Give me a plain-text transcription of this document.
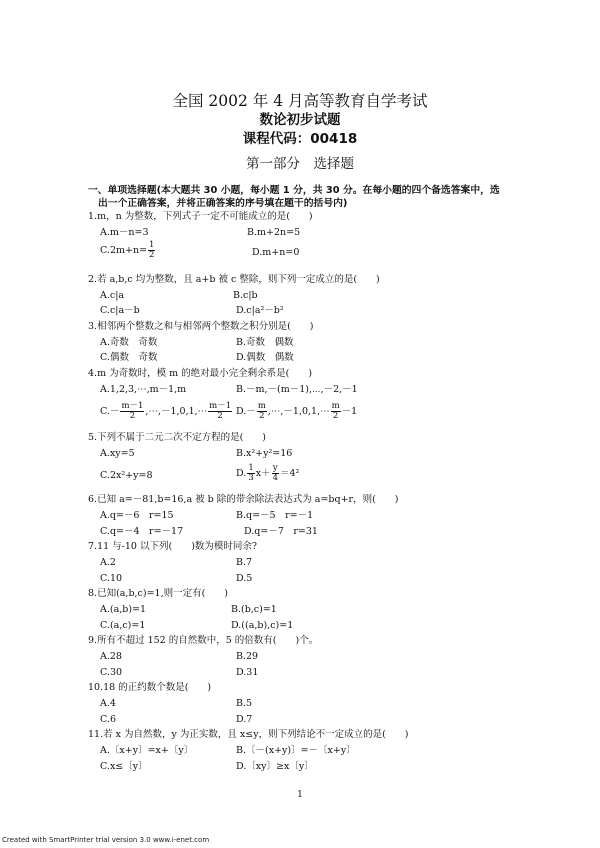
全国 2002 年 4 月高等教育自学考试
数论初步试题
课程代码：00418
第一部分　选择题
一、单项选择题(本大题共 30 小题，每小题 1 分，共 30 分。在每小题的四个备选答案中，选
出一个正确答案，并将正确答案的序号填在题干的括号内)
1.m，n 为整数，下列式子一定不可能成立的是(　　)
A.m－n=3	B.m+2n=5
$C.2m+n= \frac{1}{2}$	D.m+n=0
2.若 a,b,c 均为整数，且 a+b 被 c 整除，则下列一定成立的是(　　)
A.c|a	B.c|b
C.c|a－b	D.c|a²－b²
3.相邻两个整数之和与相邻两个整数之积分别是(　　)
A.奇数　奇数	B.奇数　偶数
C.偶数　奇数	D.偶数　偶数
4.m 为奇数时，模 m 的绝对最小完全剩余系是(　　)
A.1,2,3,⋯,m－1,m	B.－m,－(m－1),⋯,－2,－1
$C.- \frac{m-1}{2}$ ,⋯,－1,0,1,⋯ $\frac{m-1}{2} D.- \frac{m}{2}$ ,⋯,－1,0,1,⋯ $\frac{m}{2} -1$
5.下列不属于二元二次不定方程的是(　　)
A.xy=5	B.x²+y²=16
C.2x²+y=8	D. $\frac{1}{3} x+ \frac{y}{4} =4^2$
6.已知 a=－81,b=16,a 被 b 除的带余除法表达式为 a=bq+r，则(　　)
A.q=－6　r=15	B.q=－5　r=－1
C.q=－4　r=－17	D.q=－7　r=31
7.11 与-10 以下列(　　)数为模时同余?
A.2	B.7
C.10	D.5
8.已知(a,b,c)=1,则一定有(　　)
A.(a,b)=1	B.(b,c)=1
C.(a,c)=1	D.((a,b),c)=1
9.所有不超过 152 的自然数中，5 的倍数有(　　)个。
A.28	B.29
C.30	D.31
10.18 的正约数个数是(　　)
A.4	B.5
C.6	D.7
11.若 x 为自然数，y 为正实数，且 x≤y，则下列结论不一定成立的是(　　)
A.〔x+y〕=x+〔y〕	B.〔－(x+y)〕=－〔x+y〕
C.x≤〔y〕	D.〔xy〕≥x〔y〕
1
Created with SmartPrinter trial version 3.0 www.i-enet.com
